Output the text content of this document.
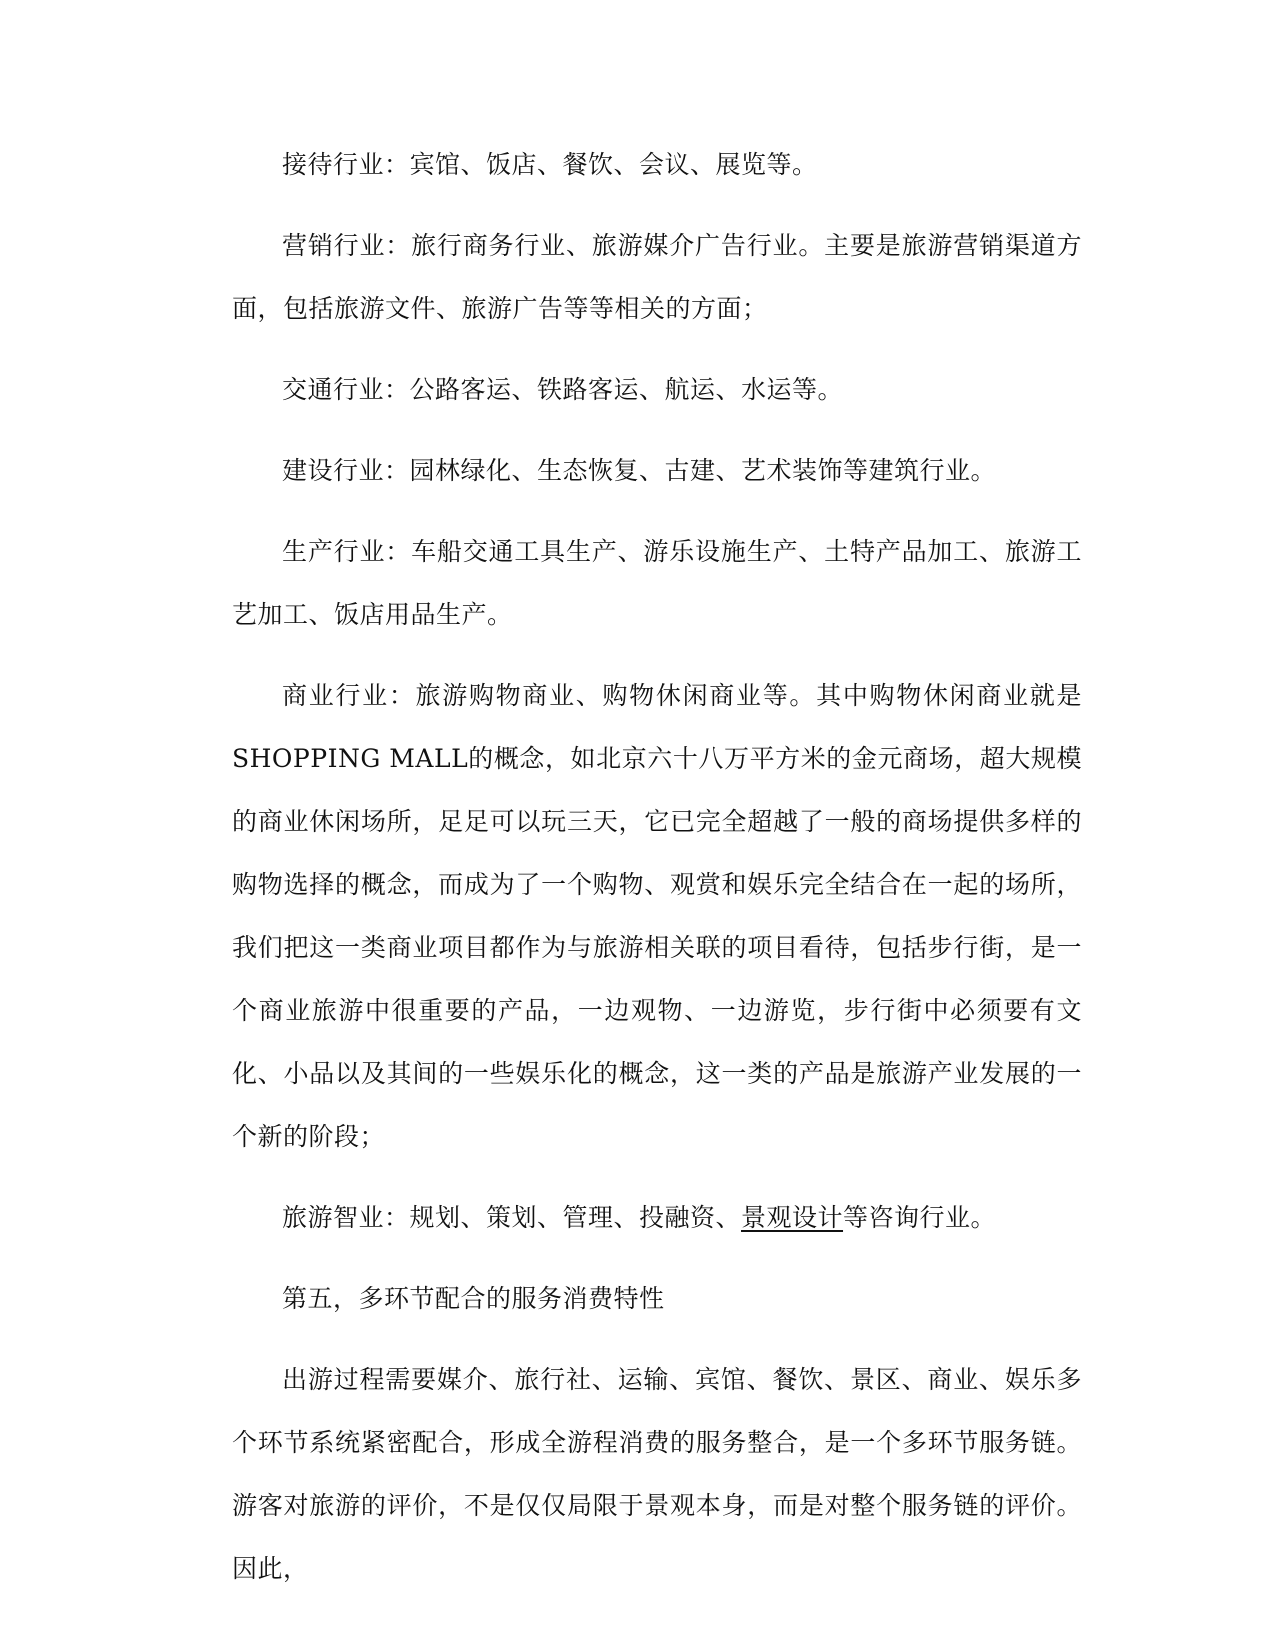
接待行业：宾馆、饭店、餐饮、会议、展览等。

营销行业：旅行商务行业、旅游媒介广告行业。主要是旅游营销渠道方面，包括旅游文件、旅游广告等等相关的方面；

交通行业：公路客运、铁路客运、航运、水运等。

建设行业：园林绿化、生态恢复、古建、艺术装饰等建筑行业。

生产行业：车船交通工具生产、游乐设施生产、土特产品加工、旅游工艺加工、饭店用品生产。

商业行业：旅游购物商业、购物休闲商业等。其中购物休闲商业就是SHOPPING MALL的概念，如北京六十八万平方米的金元商场，超大规模的商业休闲场所，足足可以玩三天，它已完全超越了一般的商场提供多样的购物选择的概念，而成为了一个购物、观赏和娱乐完全结合在一起的场所，我们把这一类商业项目都作为与旅游相关联的项目看待，包括步行街，是一个商业旅游中很重要的产品，一边观物、一边游览，步行街中必须要有文化、小品以及其间的一些娱乐化的概念，这一类的产品是旅游产业发展的一个新的阶段；

旅游智业：规划、策划、管理、投融资、景观设计等咨询行业。

第五，多环节配合的服务消费特性

出游过程需要媒介、旅行社、运输、宾馆、餐饮、景区、商业、娱乐多个环节系统紧密配合，形成全游程消费的服务整合，是一个多环节服务链。游客对旅游的评价，不是仅仅局限于景观本身，而是对整个服务链的评价。因此，
